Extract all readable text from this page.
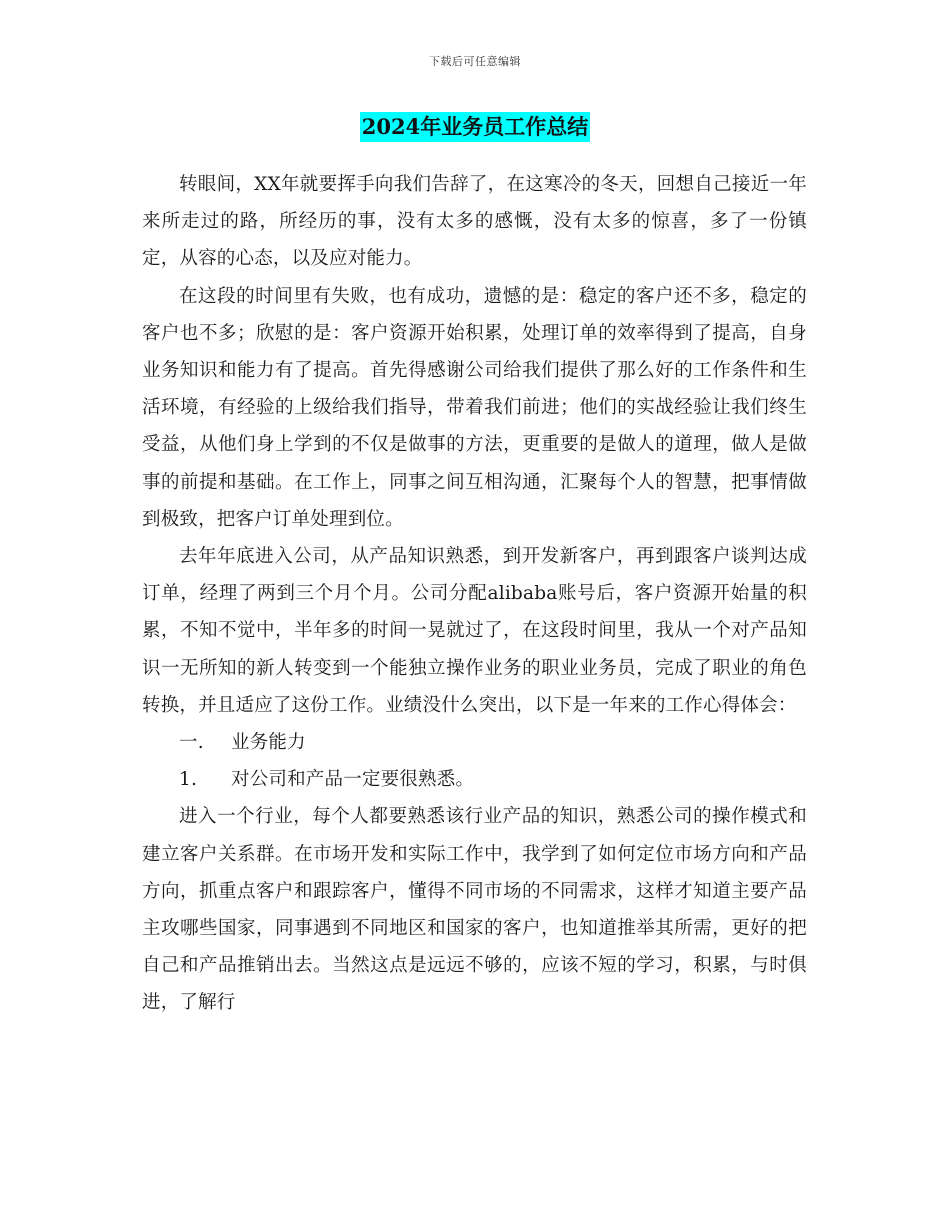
下载后可任意编辑
2024年业务员工作总结

转眼间，XX年就要挥手向我们告辞了，在这寒冷的冬天，回想自己接近一年来所走过的路，所经历的事，没有太多的感慨，没有太多的惊喜，多了一份镇定，从容的心态，以及应对能力。

在这段的时间里有失败，也有成功，遗憾的是：稳定的客户还不多，稳定的客户也不多；欣慰的是：客户资源开始积累，处理订单的效率得到了提高，自身业务知识和能力有了提高。首先得感谢公司给我们提供了那么好的工作条件和生活环境，有经验的上级给我们指导，带着我们前进；他们的实战经验让我们终生受益，从他们身上学到的不仅是做事的方法，更重要的是做人的道理，做人是做事的前提和基础。在工作上，同事之间互相沟通，汇聚每个人的智慧，把事情做到极致，把客户订单处理到位。

去年年底进入公司，从产品知识熟悉，到开发新客户，再到跟客户谈判达成订单，经理了两到三个月个月。公司分配alibaba账号后，客户资源开始量的积累，不知不觉中，半年多的时间一晃就过了，在这段时间里，我从一个对产品知识一无所知的新人转变到一个能独立操作业务的职业业务员，完成了职业的角色转换，并且适应了这份工作。业绩没什么突出，以下是一年来的工作心得体会：

一. 业务能力

1. 对公司和产品一定要很熟悉。

进入一个行业，每个人都要熟悉该行业产品的知识，熟悉公司的操作模式和建立客户关系群。在市场开发和实际工作中，我学到了如何定位市场方向和产品方向，抓重点客户和跟踪客户，懂得不同市场的不同需求，这样才知道主要产品主攻哪些国家，同事遇到不同地区和国家的客户，也知道推举其所需，更好的把自己和产品推销出去。当然这点是远远不够的，应该不短的学习，积累，与时俱进，了解行
